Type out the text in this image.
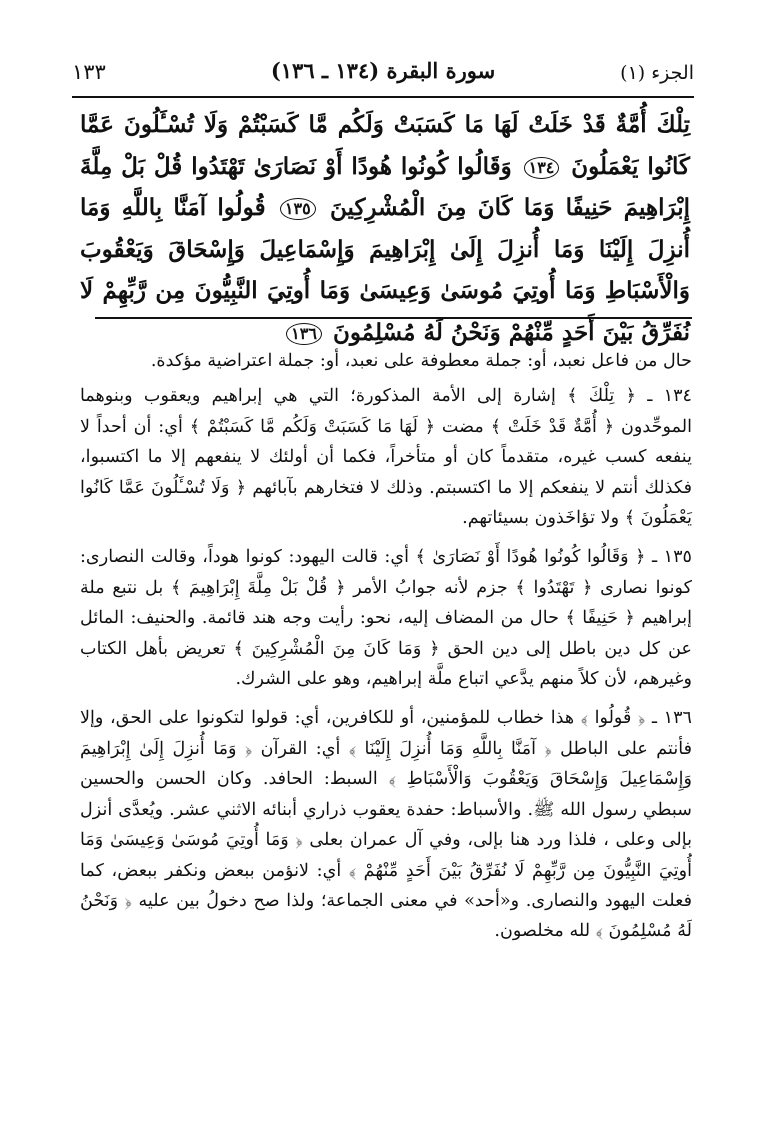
الجزء (١)
سورة البقرة (١٣٤ ـ ١٣٦)
١٣٣
تِلْكَ أُمَّةٌ قَدْ خَلَتْ لَهَا مَا كَسَبَتْ وَلَكُم مَّا كَسَبْتُمْ وَلَا تُسْـَٔلُونَ عَمَّا كَانُوا يَعْمَلُونَ ١٣٤ وَقَالُوا كُونُوا هُودًا أَوْ نَصَارَىٰ تَهْتَدُوا قُلْ بَلْ مِلَّةَ إِبْرَاهِيمَ حَنِيفًا وَمَا كَانَ مِنَ الْمُشْرِكِينَ ١٣٥ قُولُوا آمَنَّا بِاللَّهِ وَمَا أُنزِلَ إِلَيْنَا وَمَا أُنزِلَ إِلَىٰ إِبْرَاهِيمَ وَإِسْمَاعِيلَ وَإِسْحَاقَ وَيَعْقُوبَ وَالْأَسْبَاطِ وَمَا أُوتِيَ مُوسَىٰ وَعِيسَىٰ وَمَا أُوتِيَ النَّبِيُّونَ مِن رَّبِّهِمْ لَا نُفَرِّقُ بَيْنَ أَحَدٍ مِّنْهُمْ وَنَحْنُ لَهُ مُسْلِمُونَ ١٣٦

حال من فاعل نعبد، أو: جملة معطوفة على نعبد، أو: جملة اعتراضية مؤكدة.

١٣٤ ـ ﴿ تِلْكَ ﴾ إشارة إلى الأمة المذكورة؛ التي هي إبراهيم ويعقوب وبنوهما الموحِّدون ﴿ أُمَّةٌ قَدْ خَلَتْ ﴾ مضت ﴿ لَهَا مَا كَسَبَتْ وَلَكُم مَّا كَسَبْتُمْ ﴾ أي: أن أحداً لا ينفعه كسب غيره، متقدماً كان أو متأخراً، فكما أن أولئك لا ينفعهم إلا ما اكتسبوا، فكذلك أنتم لا ينفعكم إلا ما اكتسبتم. وذلك لا فتخارهم بآبائهم ﴿ وَلَا تُسْـَٔلُونَ عَمَّا كَانُوا يَعْمَلُونَ ﴾ ولا تؤاخَذون بسيئاتهم.

١٣٥ ـ ﴿ وَقَالُوا كُونُوا هُودًا أَوْ نَصَارَىٰ ﴾ أي: قالت اليهود: كونوا هوداً، وقالت النصارى: كونوا نصارى ﴿ تَهْتَدُوا ﴾ جزم لأنه جوابُ الأمر ﴿ قُلْ بَلْ مِلَّةَ إِبْرَاهِيمَ ﴾ بل نتبع ملة إبراهيم ﴿ حَنِيفًا ﴾ حال من المضاف إليه، نحو: رأيت وجه هند قائمة. والحنيف: المائل عن كل دين باطل إلى دين الحق ﴿ وَمَا كَانَ مِنَ الْمُشْرِكِينَ ﴾ تعريض بأهل الكتاب وغيرهم، لأن كلاً منهم يدَّعي اتباع ملَّة إبراهيم، وهو على الشرك.

١٣٦ ـ ﴿ قُولُوا ﴾ هذا خطاب للمؤمنين، أو للكافرين، أي: قولوا لتكونوا على الحق، وإلا فأنتم على الباطل ﴿ آمَنَّا بِاللَّهِ وَمَا أُنزِلَ إِلَيْنَا ﴾ أي: القرآن ﴿ وَمَا أُنزِلَ إِلَىٰ إِبْرَاهِيمَ وَإِسْمَاعِيلَ وَإِسْحَاقَ وَيَعْقُوبَ وَالْأَسْبَاطِ ﴾ السبط: الحافد. وكان الحسن والحسين سبطي رسول الله ﷺ. والأسباط: حفدة يعقوب ذراري أبنائه الاثني عشر. ويُعدَّى أنزل بإلى وعلى ، فلذا ورد هنا بإلى، وفي آل عمران بعلى ﴿ وَمَا أُوتِيَ مُوسَىٰ وَعِيسَىٰ وَمَا أُوتِيَ النَّبِيُّونَ مِن رَّبِّهِمْ لَا نُفَرِّقُ بَيْنَ أَحَدٍ مِّنْهُمْ ﴾ أي: لانؤمن ببعض ونكفر ببعض، كما فعلت اليهود والنصارى. و«أحد» في معنى الجماعة؛ ولذا صح دخولُ بين عليه ﴿ وَنَحْنُ لَهُ مُسْلِمُونَ ﴾ لله مخلصون.
